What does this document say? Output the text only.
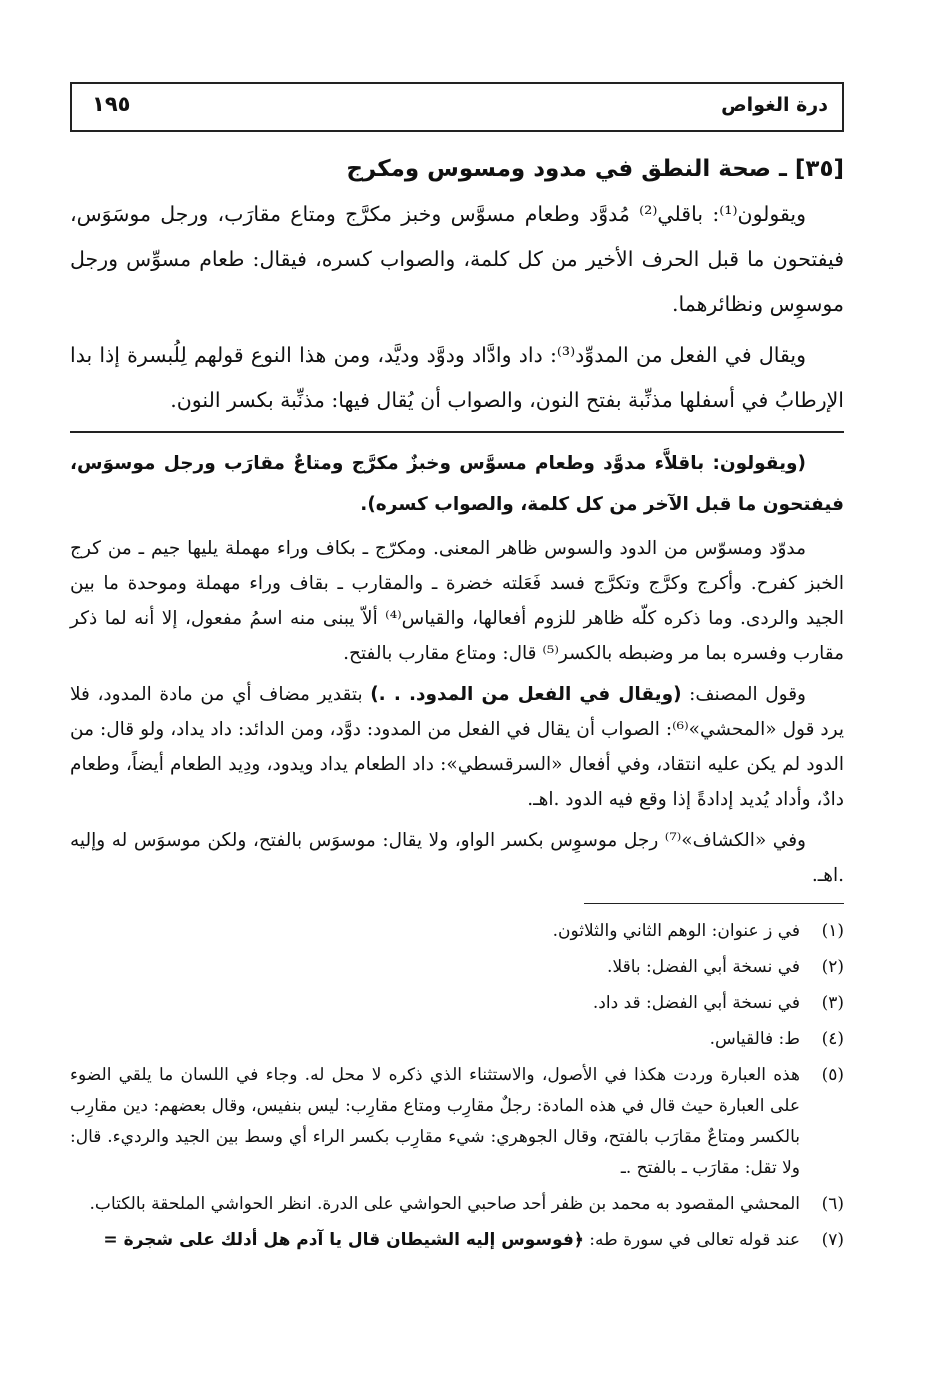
درة الغواص
١٩٥
[٣٥] ـ صحة النطق في مدود ومسوس ومكرج

ويقولون⁽¹⁾: باقلي⁽²⁾ مُدوَّد وطعام مسوَّس وخبز مكرَّج ومتاع مقارَب، ورجل موسَوَس، فيفتحون ما قبل الحرف الأخير من كل كلمة، والصواب كسره، فيقال: طعام مسوِّس ورجل موسوِس ونظائرهما.

ويقال في الفعل من المدوِّد⁽³⁾: داد وادَّاد ودوَّد وديَّد، ومن هذا النوع قولهم لِلُبسرة إذا بدا الإرطابُ في أسفلها مذنِّبة بفتح النون، والصواب أن يُقال فيها: مذنِّبة بكسر النون.

(ويقولون: باقلاَّء مدوَّد وطعام مسوَّس وخبزٌ مكرَّج ومتاعٌ مقارَب ورجل موسوَس، فيفتحون ما قبل الآخر من كل كلمة، والصواب كسره).

مدوّد ومسوّس من الدود والسوس ظاهر المعنى. ومكرّج ـ بكاف وراء مهملة يليها جيم ـ من كرج الخبز كفرح. وأكرج وكرَّج وتكرَّج فسد فَعَلته خضرة ـ والمقارب ـ بقاف وراء مهملة وموحدة ما بين الجيد والردى. وما ذكره كلّه ظاهر للزوم أفعالها، والقياس⁽⁴⁾ ألاّ يبنى منه اسمُ مفعول، إلا أنه لما ذكر مقارب وفسره بما مر وضبطه بالكسر⁽⁵⁾ قال: ومتاع مقارب بالفتح.

وقول المصنف: (ويقال في الفعل من المدود. . .) بتقدير مضاف أي من مادة المدود، فلا يرد قول «المحشي»⁽⁶⁾: الصواب أن يقال في الفعل من المدود: دوَّد، ومن الدائد: داد يداد، ولو قال: من الدود لم يكن عليه انتقاد، وفي أفعال «السرقسطي»: داد الطعام يداد ويدود، ودِيد الطعام أيضاً، وطعام دادٌ، وأداد يُديد إدادةً إذا وقع فيه الدود .اهـ.

وفي «الكشاف»⁽⁷⁾ رجل موسوِس بكسر الواو، ولا يقال: موسوَس بالفتح، ولكن موسوَس له وإليه .اهـ.

(١)
في ز عنوان: الوهم الثاني والثلاثون.
(٢)
في نسخة أبي الفضل: باقلا.
(٣)
في نسخة أبي الفضل: قد داد.
(٤)
ط: فالقياس.
(٥)
هذه العبارة وردت هكذا في الأصول، والاستثناء الذي ذكره لا محل له. وجاء في اللسان ما يلقي الضوء على العبارة حيث قال في هذه المادة: رجلٌ مقارِب ومتاع مقارِب: ليس بنفيس، وقال بعضهم: دين مقارِب بالكسر ومتاعٌ مقارَب بالفتح، وقال الجوهري: شيء مقارِب بكسر الراء أي وسط بين الجيد والرديء. قال: ولا تقل: مقارَب ـ بالفتح .ـ
(٦)
المحشي المقصود به محمد بن ظفر أحد صاحبي الحواشي على الدرة. انظر الحواشي الملحقة بالكتاب.
(٧)
عند قوله تعالى في سورة طه: ﴿فوسوس إليه الشيطان قال يا آدم هل أدلك على شجرة =
